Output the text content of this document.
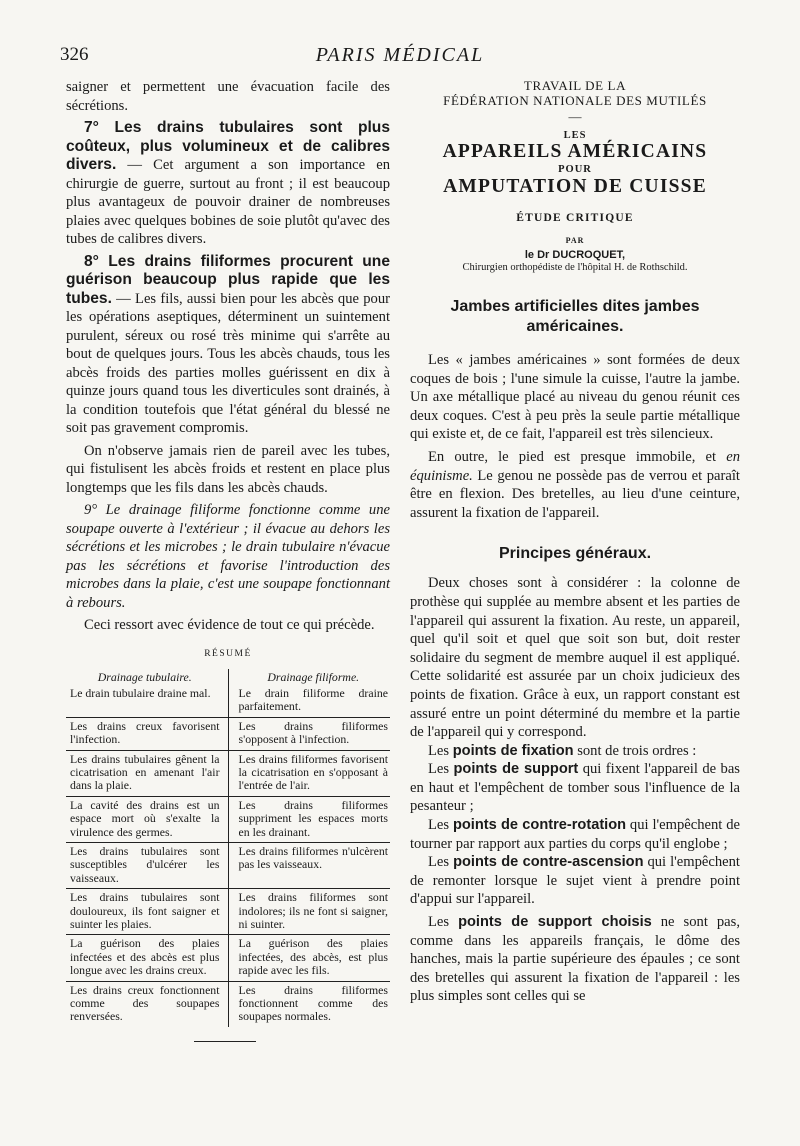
326	PARIS MÉDICAL

saigner et permettent une évacuation facile des sécrétions.

7° Les drains tubulaires sont plus coûteux, plus volumineux et de calibres divers. — Cet argument a son importance en chirurgie de guerre, surtout au front ; il est beaucoup plus avantageux de pouvoir drainer de nombreuses plaies avec quelques bobines de soie plutôt qu'avec des tubes de calibres divers.

8° Les drains filiformes procurent une guérison beaucoup plus rapide que les tubes. — Les fils, aussi bien pour les abcès que pour les opérations aseptiques, déterminent un suintement purulent, séreux ou rosé très minime qui s'arrête au bout de quelques jours. Tous les abcès chauds, tous les abcès froids des parties molles guérissent en dix à quinze jours quand tous les diverticules sont drainés, à la condition toutefois que l'état général du blessé ne soit pas gravement compromis.

On n'observe jamais rien de pareil avec les tubes, qui fistulisent les abcès froids et restent en place plus longtemps que les fils dans les abcès chauds.

9° Le drainage filiforme fonctionne comme une soupape ouverte à l'extérieur ; il évacue au dehors les sécrétions et les microbes ; le drain tubulaire n'évacue pas les sécrétions et favorise l'introduction des microbes dans la plaie, c'est une soupape fonctionnant à rebours.

Ceci ressort avec évidence de tout ce qui précède.

RÉSUMÉ
Drainage tubulaire.	Drainage filiforme.
Le drain tubulaire draine mal.	Le drain filiforme draine parfaitement.
Les drains creux favorisent l'infection.	Les drains filiformes s'opposent à l'infection.
Les drains tubulaires gênent la cicatrisation en amenant l'air dans la plaie.	Les drains filiformes favorisent la cicatrisation en s'opposant à l'entrée de l'air.
La cavité des drains est un espace mort où s'exalte la virulence des germes.	Les drains filiformes suppriment les espaces morts en les drainant.
Les drains tubulaires sont susceptibles d'ulcérer les vaisseaux.	Les drains filiformes n'ulcèrent pas les vaisseaux.
Les drains tubulaires sont douloureux, ils font saigner et suinter les plaies.	Les drains filiformes sont indolores; ils ne font si saigner, ni suinter.
La guérison des plaies infectées et des abcès est plus longue avec les drains creux.	La guérison des plaies infectées, des abcès, est plus rapide avec les fils.
Les drains creux fonctionnent comme des soupapes renversées.	Les drains filiformes fonctionnent comme des soupapes normales.
TRAVAIL DE LA
FÉDÉRATION NATIONALE DES MUTILÉS
—
LES
APPAREILS AMÉRICAINS
POUR
AMPUTATION DE CUISSE
ÉTUDE CRITIQUE
PAR
le Dr DUCROQUET,
Chirurgien orthopédiste de l'hôpital H. de Rothschild.
Jambes artificielles dites jambes américaines.

Les « jambes américaines » sont formées de deux coques de bois ; l'une simule la cuisse, l'autre la jambe. Un axe métallique placé au niveau du genou réunit ces deux coques. C'est à peu près la seule partie métallique qui existe et, de ce fait, l'appareil est très silencieux.

En outre, le pied est presque immobile, et en équinisme. Le genou ne possède pas de verrou et paraît être en flexion. Des bretelles, au lieu d'une ceinture, assurent la fixation de l'appareil.

Principes généraux.

Deux choses sont à considérer : la colonne de prothèse qui supplée au membre absent et les parties de l'appareil qui assurent la fixation. Au reste, un appareil, quel qu'il soit et quel que soit son but, doit rester solidaire du segment de membre auquel il est appliqué. Cette solidarité est assurée par un choix judicieux des points de fixation. Grâce à eux, un rapport constant est assuré entre un point déterminé du membre et la partie de l'appareil qui y correspond.

Les points de fixation sont de trois ordres :

Les points de support qui fixent l'appareil de bas en haut et l'empêchent de tomber sous l'influence de la pesanteur ;

Les points de contre-rotation qui l'empêchent de tourner par rapport aux parties du corps qu'il englobe ;

Les points de contre-ascension qui l'empêchent de remonter lorsque le sujet vient à prendre point d'appui sur l'appareil.

Les points de support choisis ne sont pas, comme dans les appareils français, le dôme des hanches, mais la partie supérieure des épaules ; ce sont des bretelles qui assurent la fixation de l'appareil : les plus simples sont celles qui se
